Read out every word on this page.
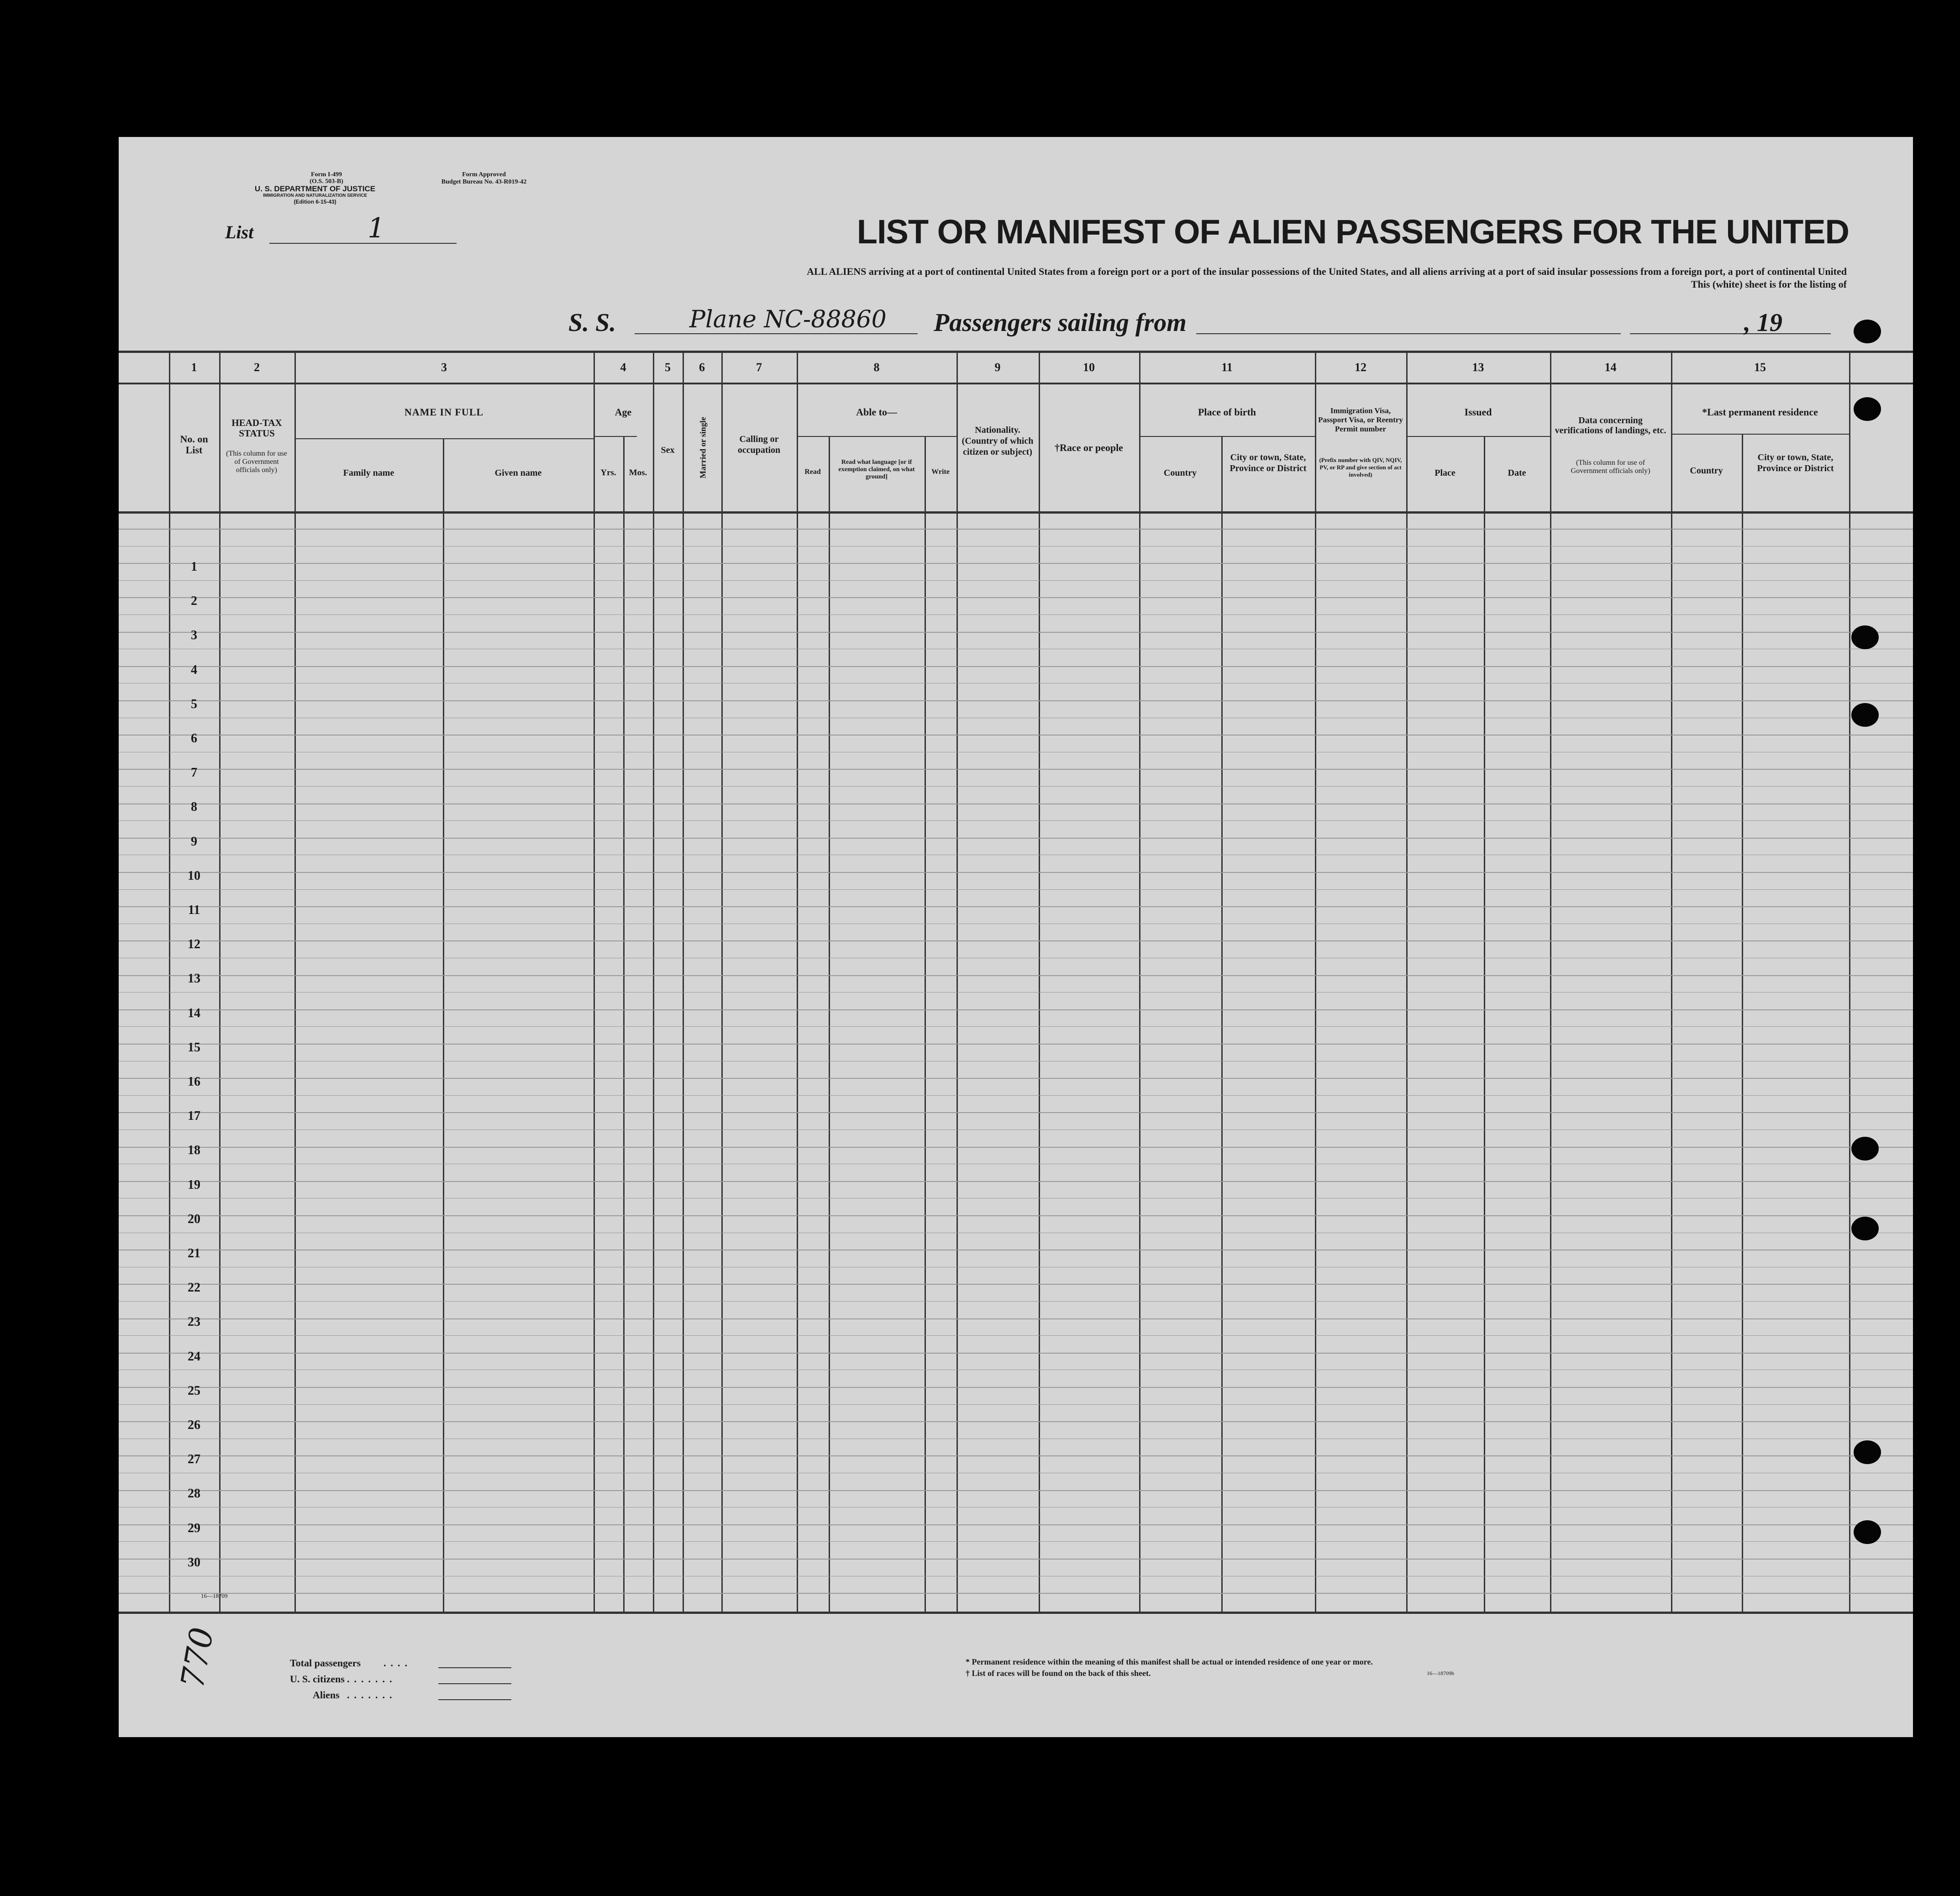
Form I-499
(O.S. 503-B)
U. S. DEPARTMENT OF JUSTICE
IMMIGRATION AND NATURALIZATION SERVICE
(Edition 6-15-43)
Form Approved
Budget Bureau No. 43-R019-42
List	1	LIST OR MANIFEST OF ALIEN PASSENGERS FOR THE UNITED
ALL ALIENS arriving at a port of continental United States from a foreign port or a port of the insular possessions of the United States, and all aliens arriving at a port of said insular possessions from a foreign port, a port of continental United
This (white) sheet is for the listing of
S. S.	Plane NC-88860 Passengers sailing from	, 19
1	2	3	4	5	6	7	8	9	10	11	12	13	14	15
No. on List
HEAD-TAX STATUS
(This column for use of Government officials only)
NAME IN FULL
Family name	Given name
Age
Yrs.	Mos.
Sex	Married or single	Calling or occupation
Able to—
Read
Read what language [or if exemption claimed, on what ground]
Write
Nationality. (Country of which citizen or subject)	†Race or people
Place of birth
Country
City or town, State, Province or District
Immigration Visa, Passport Visa, or Reentry Permit number
(Prefix number with QIV, NQIV, PV, or RP and give section of act involved)
Issued
Place	Date
Data concerning verifications of landings, etc.
(This column for use of Government officials only)
*Last permanent residence
Country
City or town, State, Province or District
1
2
3
4
5
6
7
8
9
10
11
12
13
14
15
16
17
18
19
20
21
22
23
24
25
26
27
28
29
30
16—18709
Total passengers ....
U. S. citizens .......
Aliens .......
* Permanent residence within the meaning of this manifest shall be actual or intended residence of one year or more.
† List of races will be found on the back of this sheet.	16—18709b
770
